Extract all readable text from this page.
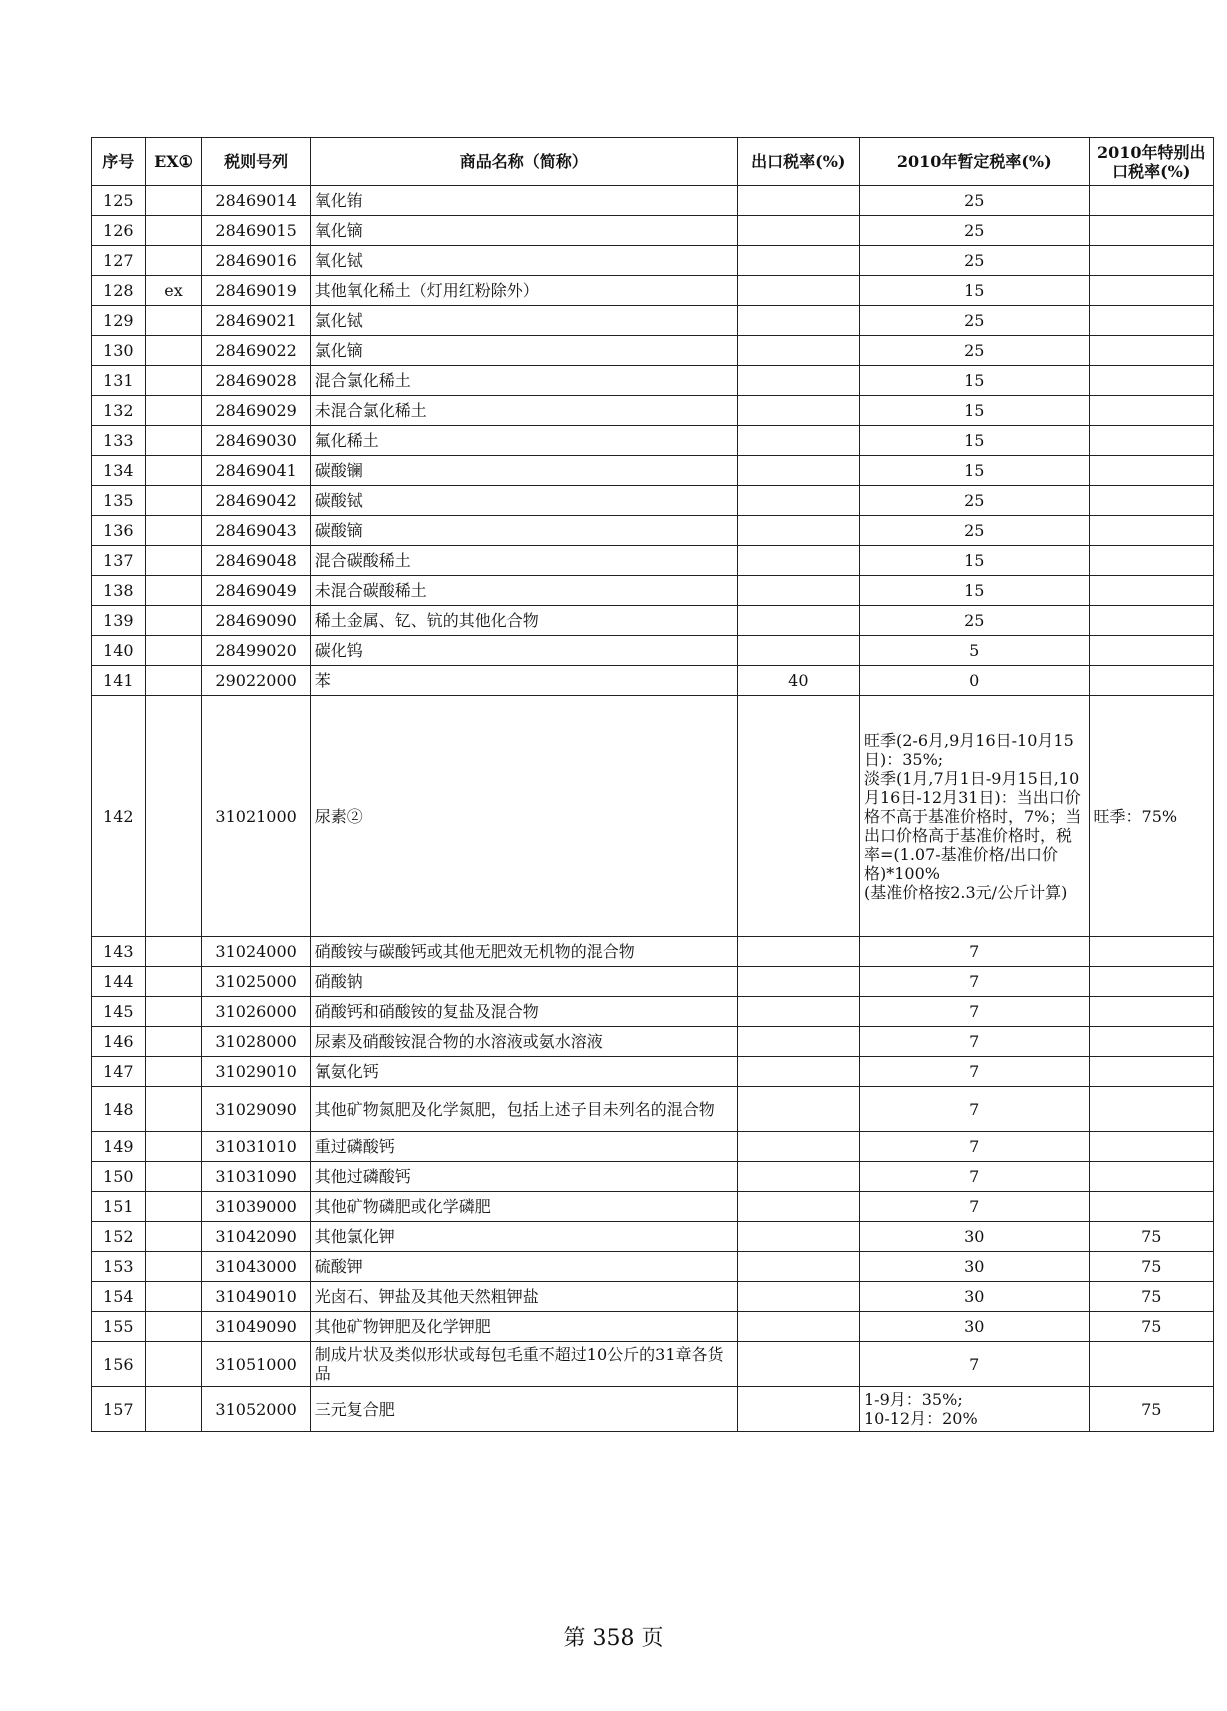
序号	EX①	税则号列	商品名称（简称）	出口税率(%)	2010年暂定税率(%)	2010年特别出口税率(%)
125		28469014	氧化铕		25	
126		28469015	氧化镝		25	
127		28469016	氧化铽		25	
128	ex	28469019	其他氧化稀土（灯用红粉除外）		15	
129		28469021	氯化铽		25	
130		28469022	氯化镝		25	
131		28469028	混合氯化稀土		15	
132		28469029	未混合氯化稀土		15	
133		28469030	氟化稀土		15	
134		28469041	碳酸镧		15	
135		28469042	碳酸铽		25	
136		28469043	碳酸镝		25	
137		28469048	混合碳酸稀土		15	
138		28469049	未混合碳酸稀土		15	
139		28469090	稀土金属、钇、钪的其他化合物		25	
140		28499020	碳化钨		5	
141		29022000	苯	40	0	
142		31021000	尿素②		旺季(2-6月,9月16日-10月15日)：35%;
淡季(1月,7月1日-9月15日,10月16日-12月31日)：当出口价格不高于基准价格时，7%；当出口价格高于基准价格时，税率=(1.07-基准价格/出口价格)*100%
(基准价格按2.3元/公斤计算)	旺季：75%
143		31024000	硝酸铵与碳酸钙或其他无肥效无机物的混合物		7	
144		31025000	硝酸钠		7	
145		31026000	硝酸钙和硝酸铵的复盐及混合物		7	
146		31028000	尿素及硝酸铵混合物的水溶液或氨水溶液		7	
147		31029010	氰氨化钙		7	
148		31029090	其他矿物氮肥及化学氮肥，包括上述子目未列名的混合物		7	
149		31031010	重过磷酸钙		7	
150		31031090	其他过磷酸钙		7	
151		31039000	其他矿物磷肥或化学磷肥		7	
152		31042090	其他氯化钾		30	75
153		31043000	硫酸钾		30	75
154		31049010	光卤石、钾盐及其他天然粗钾盐		30	75
155		31049090	其他矿物钾肥及化学钾肥		30	75
156		31051000	制成片状及类似形状或每包毛重不超过10公斤的31章各货品		7	
157		31052000	三元复合肥		1-9月：35%;
10-12月：20%	75
第 358 页
